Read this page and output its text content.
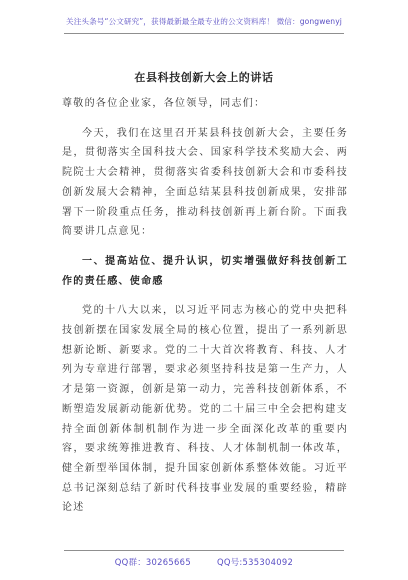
关注头条号“公文研究”，获得最新最全最专业的公文资料库！ 微信：gongwenyj
在县科技创新大会上的讲话

尊敬的各位企业家，各位领导，同志们：

今天，我们在这里召开某县科技创新大会，主要任务是，贯彻落实全国科技大会、国家科学技术奖励大会、两院院士大会精神，贯彻落实省委科技创新大会和市委科技创新发展大会精神，全面总结某县科技创新成果，安排部署下一阶段重点任务，推动科技创新再上新台阶。下面我简要讲几点意见：

一、提高站位、提升认识，切实增强做好科技创新工作的责任感、使命感

党的十八大以来，以习近平同志为核心的党中央把科技创新摆在国家发展全局的核心位置，提出了一系列新思想新论断、新要求。党的二十大首次将教育、科技、人才列为专章进行部署，要求必须坚持科技是第一生产力，人才是第一资源，创新是第一动力，完善科技创新体系，不断塑造发展新动能新优势。党的二十届三中全会把构建支持全面创新体制机制作为进一步全面深化改革的重要内容，要求统筹推进教育、科技、人才体制机制一体改革，健全新型举国体制，提升国家创新体系整体效能。习近平总书记深刻总结了新时代科技事业发展的重要经验，精辟论述

QQ群：30265665	QQ号:535304092
